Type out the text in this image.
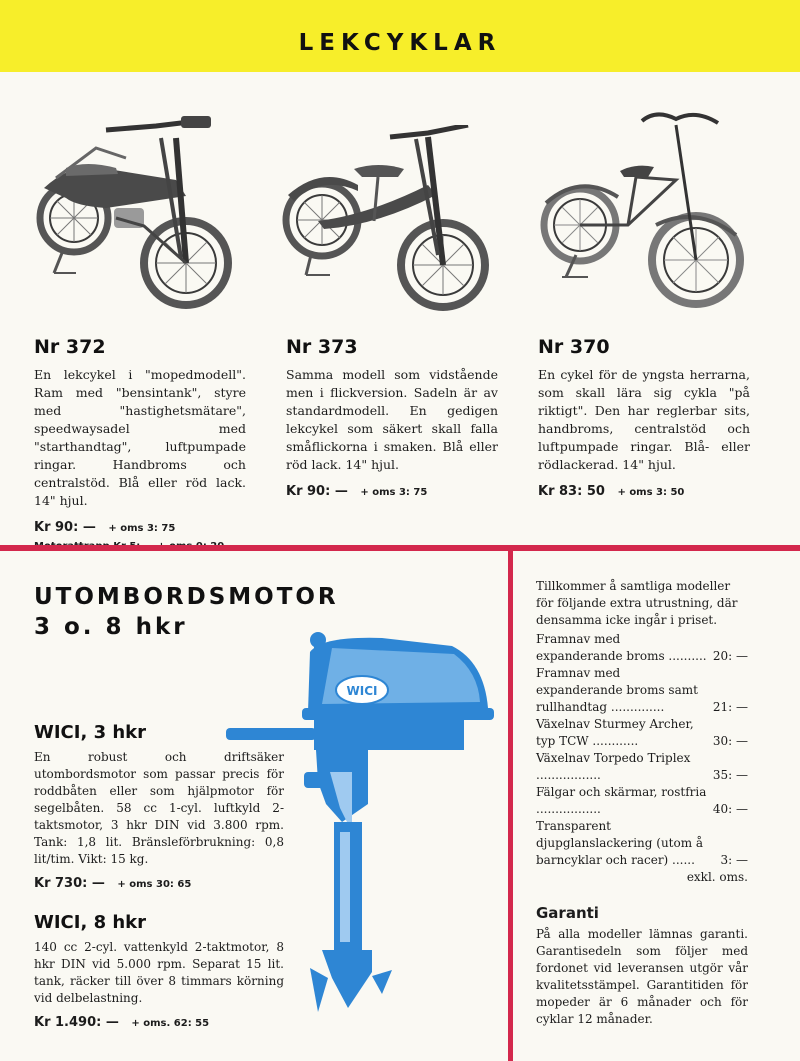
LEKCYKLAR
Nr 372

En lekcykel i "mopedmodell". Ram med "bensintank", styre med "hastighetsmätare", speedwaysadel med "starthandtag", luftpumpade ringar. Handbroms och centralstöd. Blå eller röd lack. 14" hjul.

Kr 90: — + oms 3: 75
Nr 373

Samma modell som vidstående men i flickversion. Sadeln är av standardmodell. En gedigen lekcykel som säkert skall falla småflickorna i smaken. Blå eller röd lack. 14" hjul.

Kr 90: — + oms 3: 75
Nr 370

En cykel för de yngsta herrarna, som skall lära sig cykla "på riktigt". Den har reglerbar sits, handbroms, centralstöd och luftpumpade ringar. Blå- eller rödlackerad. 14" hjul.

Kr 83: 50 + oms 3: 50
UTOMBORDSMOTOR
3 o. 8 hkr
WICI
WICI, 3 hkr

En robust och driftsäker utombordsmotor som passar precis för roddbåten eller som hjälpmotor för segelbåten. 58 cc 1-cyl. luftkyld 2-taktsmotor, 3 hkr DIN vid 3.800 rpm. Tank: 1,8 lit. Bränsleförbrukning: 0,8 lit/tim. Vikt: 15 kg.

Kr 730: — + oms 30: 65
WICI, 8 hkr

140 cc 2-cyl. vattenkyld 2-taktmotor, 8 hkr DIN vid 5.000 rpm. Separat 15 lit. tank, räcker till över 8 timmars körning vid delbelastning.

Kr 1.490: — + oms. 62: 55

Tillkommer å samtliga modeller för följande extra utrustning, där densamma icke ingår i priset.

Framnav med expanderande broms .......... 20: —
Framnav med expanderande broms samt rullhandtag ..............	21: —
Växelnav Sturmey Archer, typ TCW ............	30: —
Växelnav Torpedo Triplex .................	35: —
Fälgar och skärmar, rostfria .................	40: —
Transparent djupglanslackering (utom å barncyklar och racer) ......	3: —
exkl. oms.
Garanti

På alla modeller lämnas garanti. Garantisedeln som följer med fordonet vid leveransen utgör vår kvalitetsstämpel. Garantitiden för mopeder är 6 månader och för cyklar 12 månader.
